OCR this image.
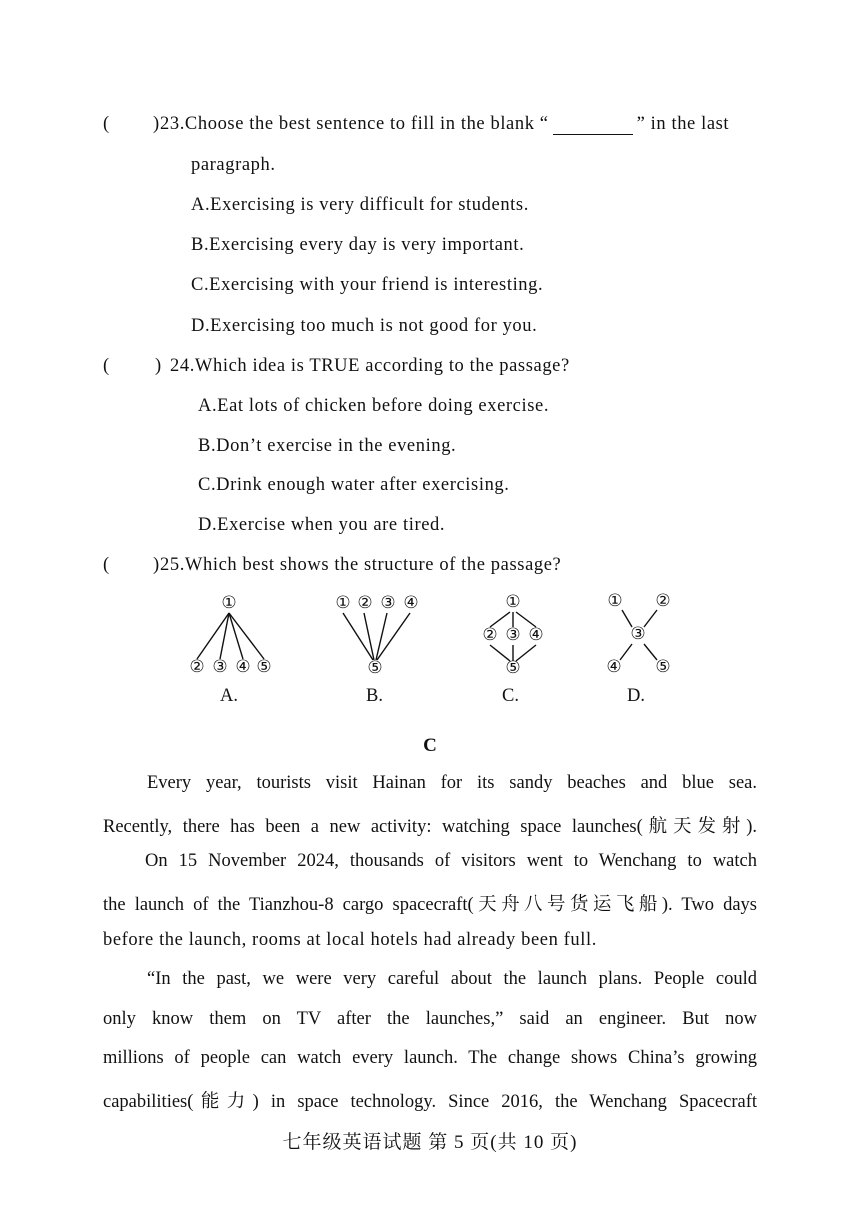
( ) 23.Choose the best sentence to fill in the blank “	” in the last
paragraph.
A.Exercising is very difficult for students.
B.Exercising every day is very important.
C.Exercising with your friend is interesting.
D.Exercising too much is not good for you.
( ) 24.Which idea is TRUE according to the passage?
A.Eat lots of chicken before doing exercise.
B.Don’t exercise in the evening.
C.Drink enough water after exercising.
D.Exercise when you are tired.
( ) 25.Which best shows the structure of the passage?
①
② ③ ④ ⑤
① ② ③ ④
⑤
①
② ③ ④
⑤
① ②
③
④ ⑤
A.	B.	C.	D.
C
Every year, tourists visit Hainan for its sandy beaches and blue sea.
Recently, there has been a new activity: watching space launches(航天发射).
On 15 November 2024, thousands of visitors went to Wenchang to watch
the launch of the Tianzhou-8 cargo spacecraft(天舟八号货运飞船). Two days
before the launch, rooms at local hotels had already been full.
“In the past, we were very careful about the launch plans. People could
only know them on TV after the launches,” said an engineer. But now
millions of people can watch every launch. The change shows China’s growing
capabilities(能力) in space technology. Since 2016, the Wenchang Spacecraft
七年级英语试题 第 5 页(共 10 页)
